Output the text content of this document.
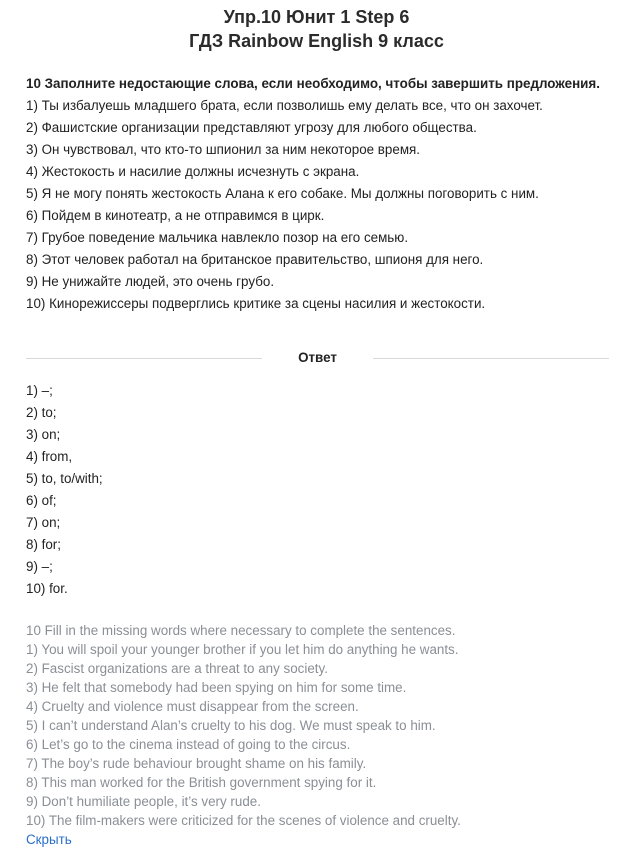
Упр.10 Юнит 1 Step 6
ГДЗ Rainbow English 9 класс

10 Заполните недостающие слова, если необходимо, чтобы завершить предложения.

1) Ты избалуешь младшего брата, если позволишь ему делать все, что он захочет.
2) Фашистские организации представляют угрозу для любого общества.
3) Он чувствовал, что кто-то шпионил за ним некоторое время.
4) Жестокость и насилие должны исчезнуть с экрана.
5) Я не могу понять жестокость Алана к его собаке. Мы должны поговорить с ним.
6) Пойдем в кинотеатр, а не отправимся в цирк.
7) Грубое поведение мальчика навлекло позор на его семью.
8) Этот человек работал на британское правительство, шпионя для него.
9) Не унижайте людей, это очень грубо.
10) Кинорежиссеры подверглись критике за сцены насилия и жестокости.
Ответ
1) –;
2) to;
3) on;
4) from,
5) to, to/with;
6) of;
7) on;
8) for;
9) –;
10) for.
10 Fill in the missing words where necessary to complete the sentences.
1) You will spoil your younger brother if you let him do anything he wants.
2) Fascist organizations are a threat to any society.
3) He felt that somebody had been spying on him for some time.
4) Cruelty and violence must disappear from the screen.
5) I can’t understand Alan’s cruelty to his dog. We must speak to him.
6) Let’s go to the cinema instead of going to the circus.
7) The boy’s rude behaviour brought shame on his family.
8) This man worked for the British government spying for it.
9) Don’t humiliate people, it’s very rude.
10) The film-makers were criticized for the scenes of violence and cruelty.
Скрыть
